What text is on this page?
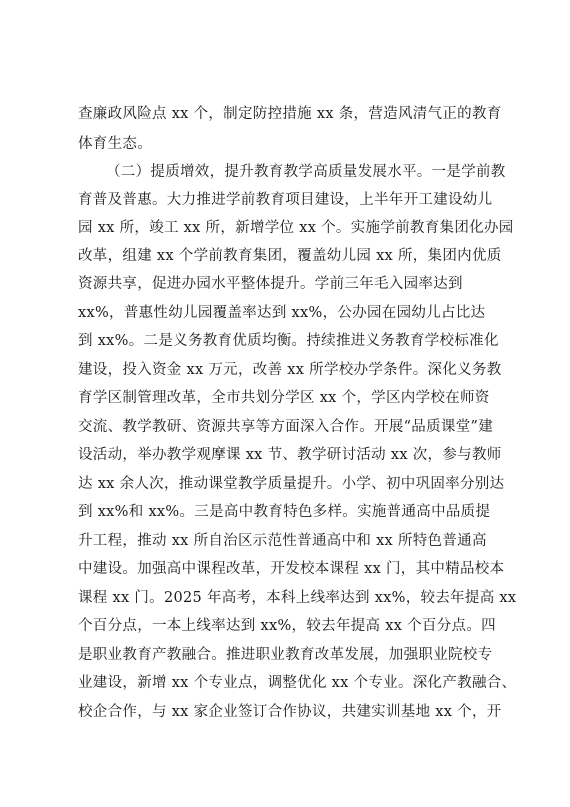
查廉政风险点 xx 个，制定防控措施 xx 条，营造风清气正的教育
体育生态。
（二）提质增效，提升教育教学高质量发展水平。一是学前教
育普及普惠。大力推进学前教育项目建设，上半年开工建设幼儿
园 xx 所，竣工 xx 所，新增学位 xx 个。实施学前教育集团化办园
改革，组建 xx 个学前教育集团，覆盖幼儿园 xx 所，集团内优质
资源共享，促进办园水平整体提升。学前三年毛入园率达到
xx%，普惠性幼儿园覆盖率达到 xx%，公办园在园幼儿占比达
到 xx%。二是义务教育优质均衡。持续推进义务教育学校标准化
建设，投入资金 xx 万元，改善 xx 所学校办学条件。深化义务教
育学区制管理改革，全市共划分学区 xx 个，学区内学校在师资
交流、教学教研、资源共享等方面深入合作。开展“品质课堂”建
设活动，举办教学观摩课 xx 节、教学研讨活动 xx 次，参与教师
达 xx 余人次，推动课堂教学质量提升。小学、初中巩固率分别达
到 xx%和 xx%。三是高中教育特色多样。实施普通高中品质提
升工程，推动 xx 所自治区示范性普通高中和 xx 所特色普通高
中建设。加强高中课程改革，开发校本课程 xx 门，其中精品校本
课程 xx 门。2025 年高考，本科上线率达到 xx%，较去年提高 xx
个百分点，一本上线率达到 xx%，较去年提高 xx 个百分点。四
是职业教育产教融合。推进职业教育改革发展，加强职业院校专
业建设，新增 xx 个专业点，调整优化 xx 个专业。深化产教融合、
校企合作，与 xx 家企业签订合作协议，共建实训基地 xx 个，开
